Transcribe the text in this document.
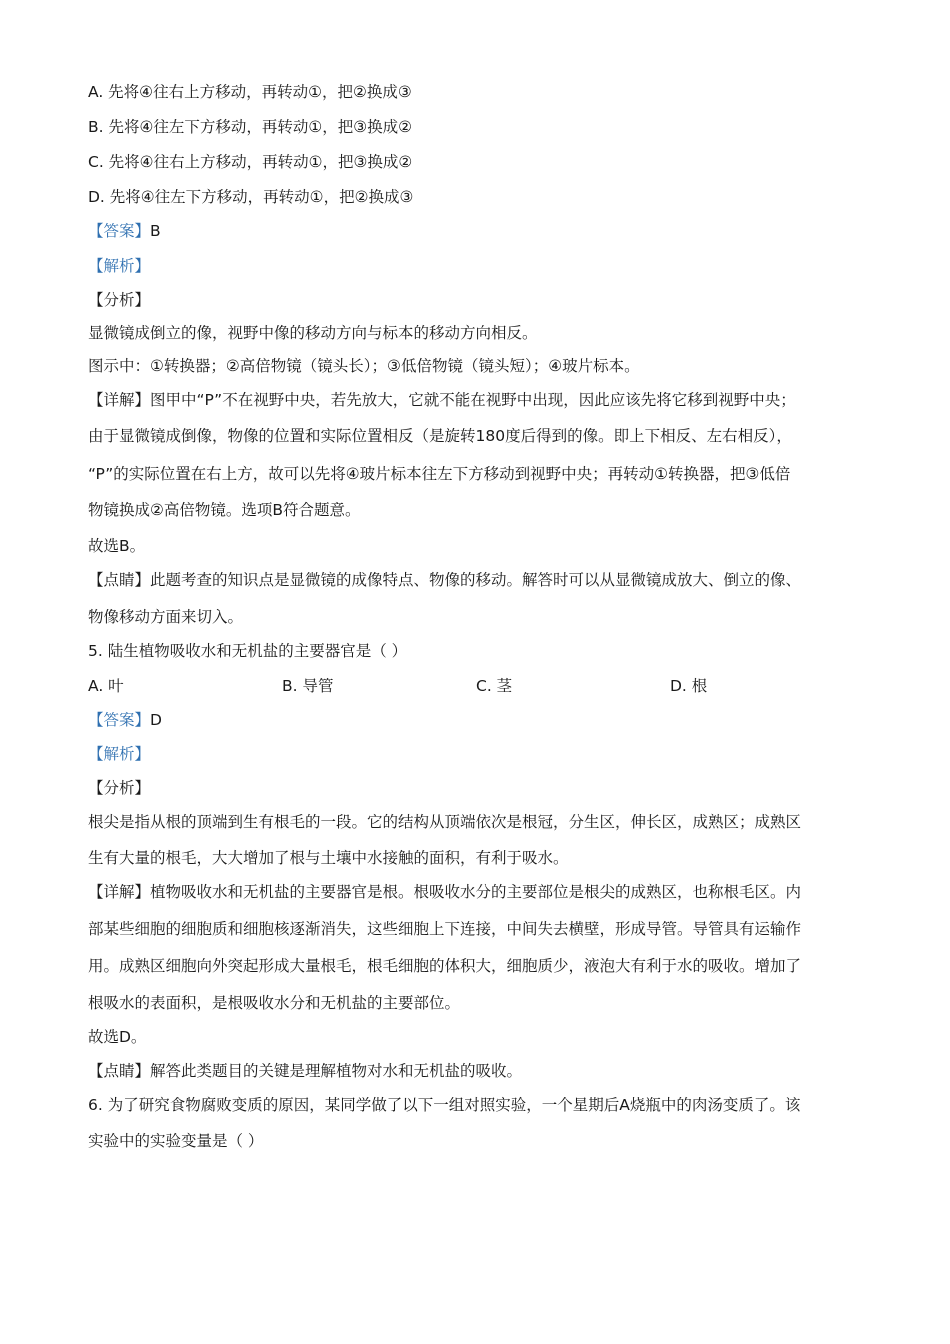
A. 先将④往右上方移动，再转动①，把②换成③
B. 先将④往左下方移动，再转动①，把③换成②
C. 先将④往右上方移动，再转动①，把③换成②
D. 先将④往左下方移动，再转动①，把②换成③
【答案】B
【解析】
【分析】
显微镜成倒立的像，视野中像的移动方向与标本的移动方向相反。
图示中：①转换器；②高倍物镜（镜头长）；③低倍物镜（镜头短）；④玻片标本。
【详解】图甲中“P”不在视野中央，若先放大，它就不能在视野中出现，因此应该先将它移到视野中央；
由于显微镜成倒像，物像的位置和实际位置相反（是旋转180度后得到的像。即上下相反、左右相反），
“P”的实际位置在右上方，故可以先将④玻片标本往左下方移动到视野中央；再转动①转换器，把③低倍
物镜换成②高倍物镜。选项B符合题意。
故选B。
【点睛】此题考查的知识点是显微镜的成像特点、物像的移动。解答时可以从显微镜成放大、倒立的像、
物像移动方面来切入。
5. 陆生植物吸收水和无机盐的主要器官是（ ）
A. 叶	B. 导管	C. 茎	D. 根
【答案】D
【解析】
【分析】
根尖是指从根的顶端到生有根毛的一段。它的结构从顶端依次是根冠，分生区，伸长区，成熟区；成熟区
生有大量的根毛，大大增加了根与土壤中水接触的面积，有利于吸水。
【详解】植物吸收水和无机盐的主要器官是根。根吸收水分的主要部位是根尖的成熟区，也称根毛区。内
部某些细胞的细胞质和细胞核逐渐消失，这些细胞上下连接，中间失去横壁，形成导管。导管具有运输作
用。成熟区细胞向外突起形成大量根毛，根毛细胞的体积大，细胞质少，液泡大有利于水的吸收。增加了
根吸水的表面积，是根吸收水分和无机盐的主要部位。
故选D。
【点睛】解答此类题目的关键是理解植物对水和无机盐的吸收。
6. 为了研究食物腐败变质的原因，某同学做了以下一组对照实验，一个星期后A烧瓶中的肉汤变质了。该
实验中的实验变量是（ ）
